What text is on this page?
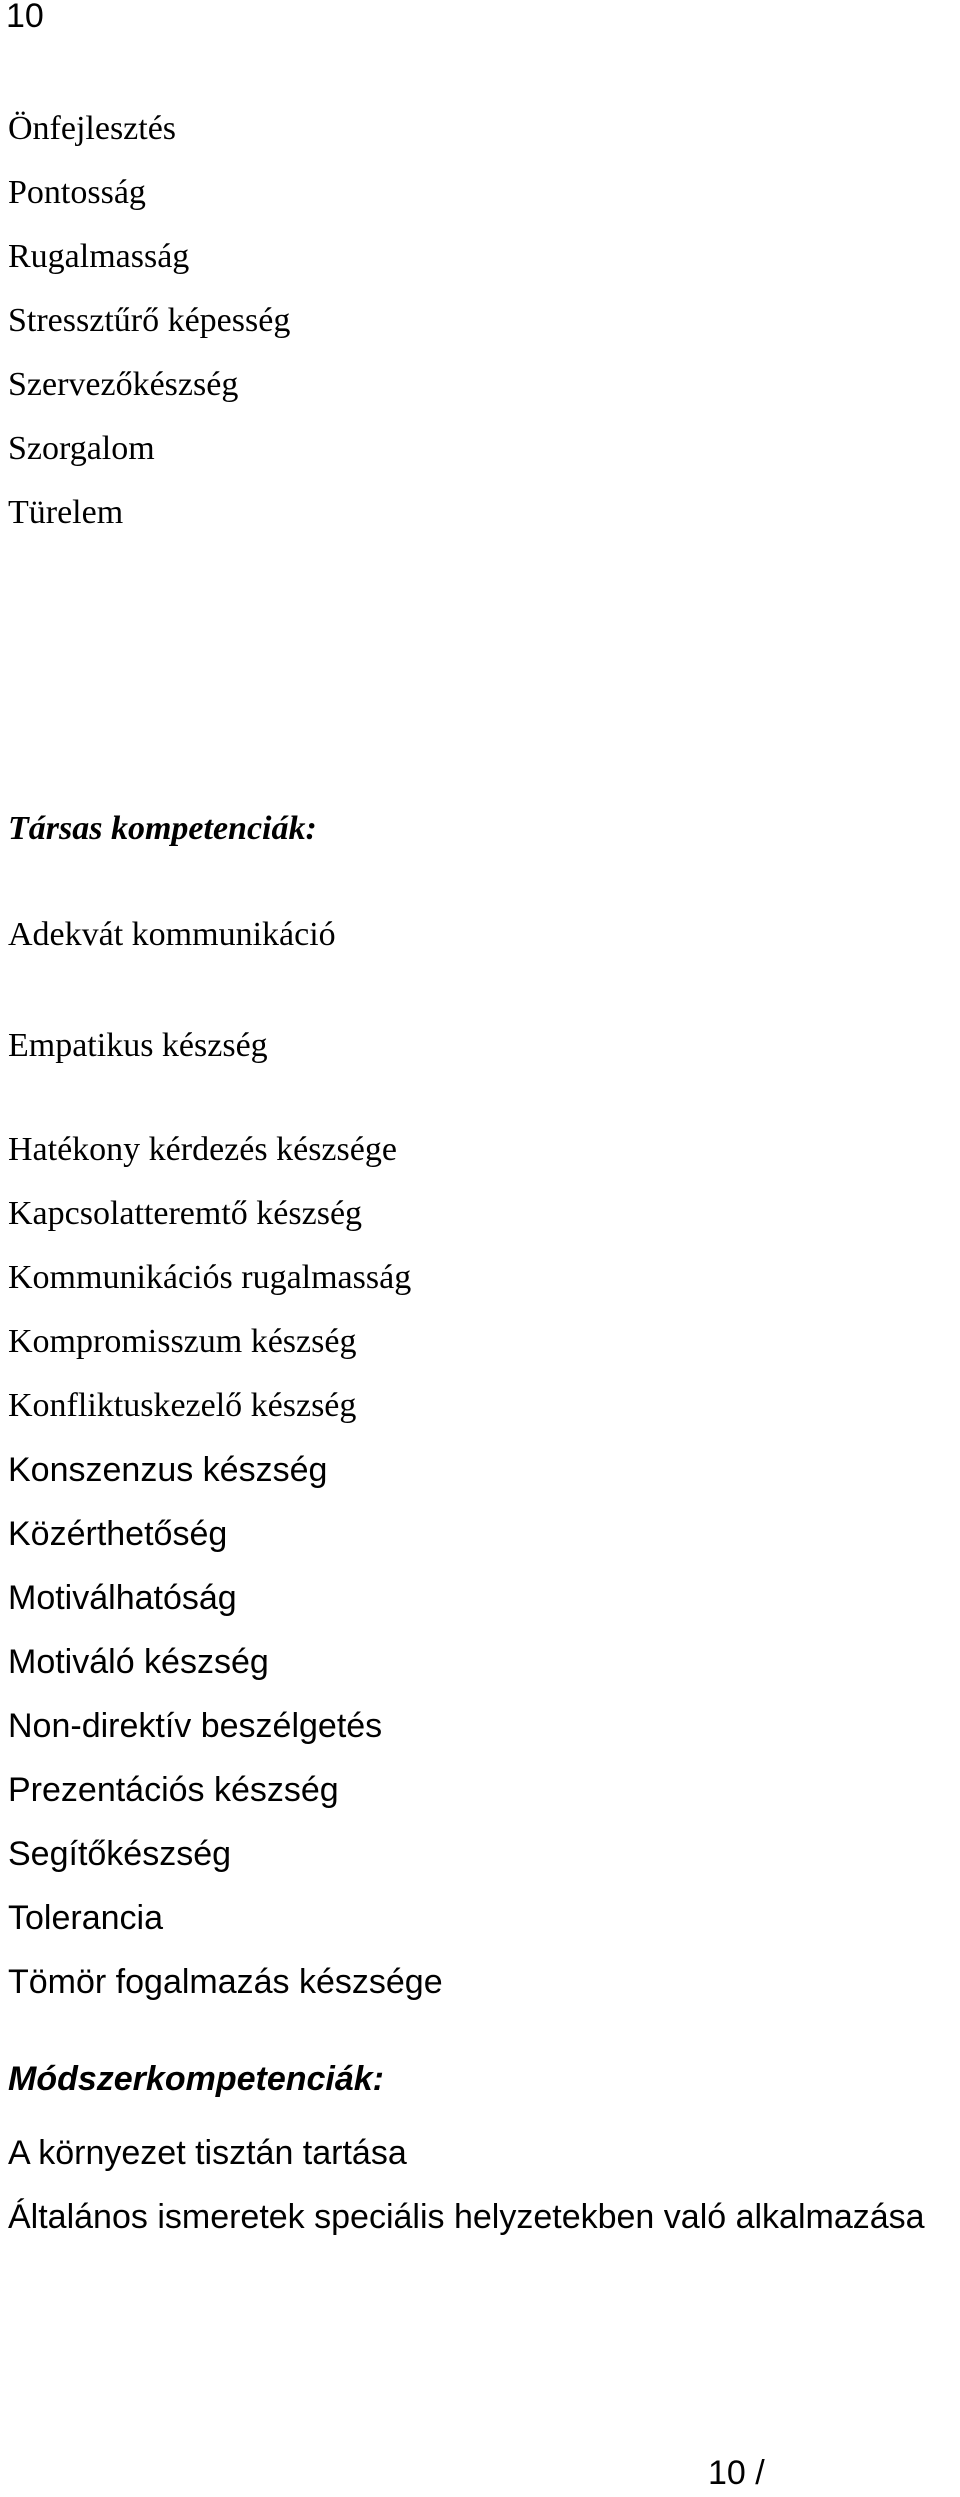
10
Önfejlesztés
Pontosság
Rugalmasság
Stressztűrő képesség
Szervezőkészség
Szorgalom
Türelem
Társas kompetenciák:
Adekvát kommunikáció
Empatikus készség
Hatékony kérdezés készsége
Kapcsolatteremtő készség
Kommunikációs rugalmasság
Kompromisszum készség
Konfliktuskezelő készség
Konszenzus készség
Közérthetőség
Motiválhatóság
Motiváló készség
Non-direktív beszélgetés
Prezentációs készség
Segítőkészség
Tolerancia
Tömör fogalmazás készsége
Módszerkompetenciák:
A környezet tisztán tartása
Általános ismeretek speciális helyzetekben való alkalmazása
10 /
